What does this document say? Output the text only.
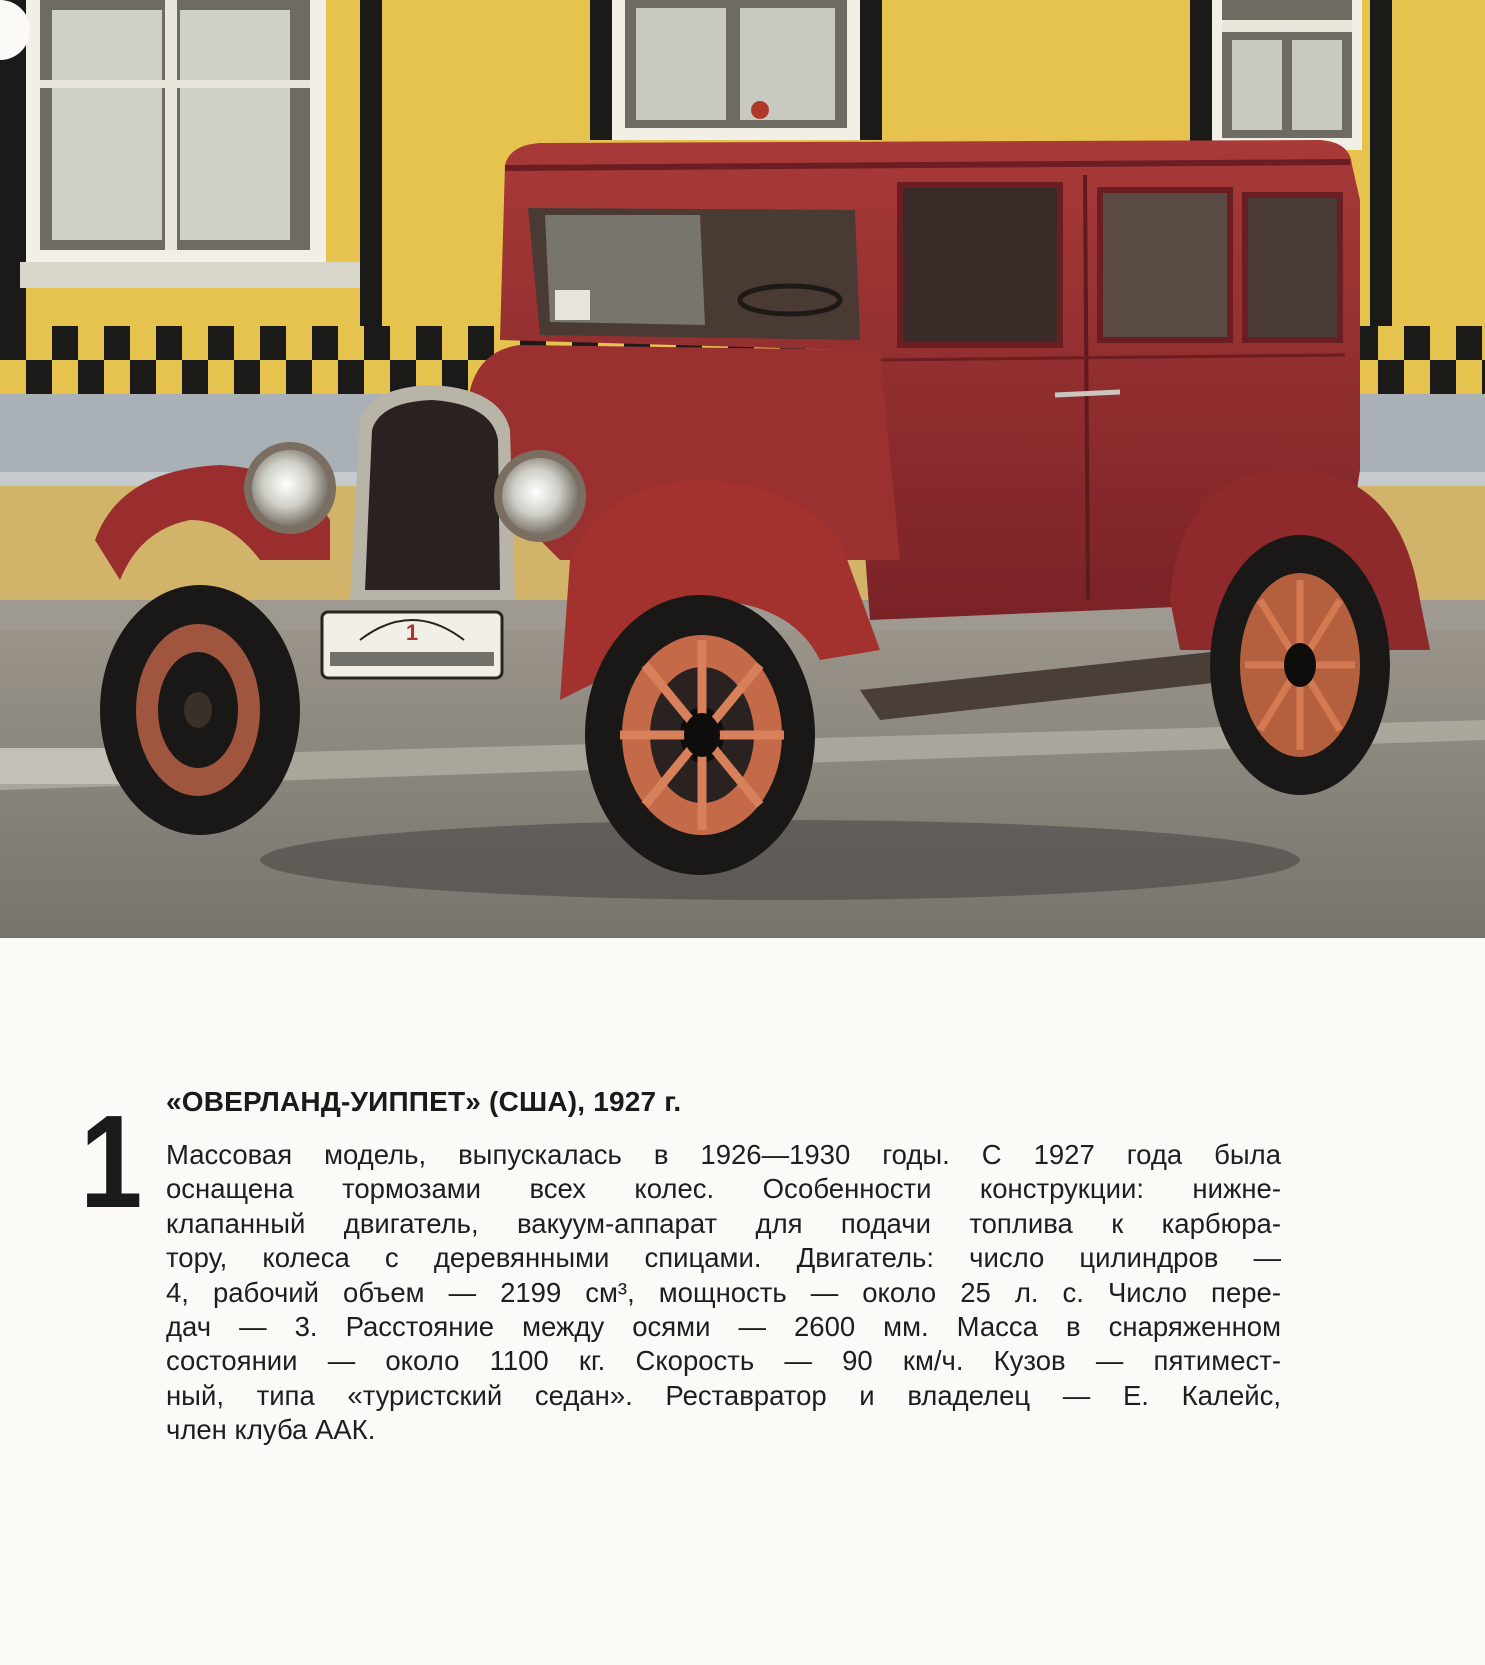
1
1 «ОВЕРЛАНД-УИППЕТ» (США), 1927 г.
Массовая модель, выпускалась в 1926—1930 годы. С 1927 года была
оснащена тормозами всех колес. Особенности конструкции: нижне-
клапанный двигатель, вакуум-аппарат для подачи топлива к карбюра-
тору, колеса с деревянными спицами. Двигатель: число цилиндров —
4, рабочий объем — 2199 см³, мощность — около 25 л. с. Число пере-
дач — 3. Расстояние между осями — 2600 мм. Масса в снаряженном
состоянии — около 1100 кг. Скорость — 90 км/ч. Кузов — пятимест-
ный, типа «туристский седан». Реставратор и владелец — Е. Калейс,
член клуба ААК.
